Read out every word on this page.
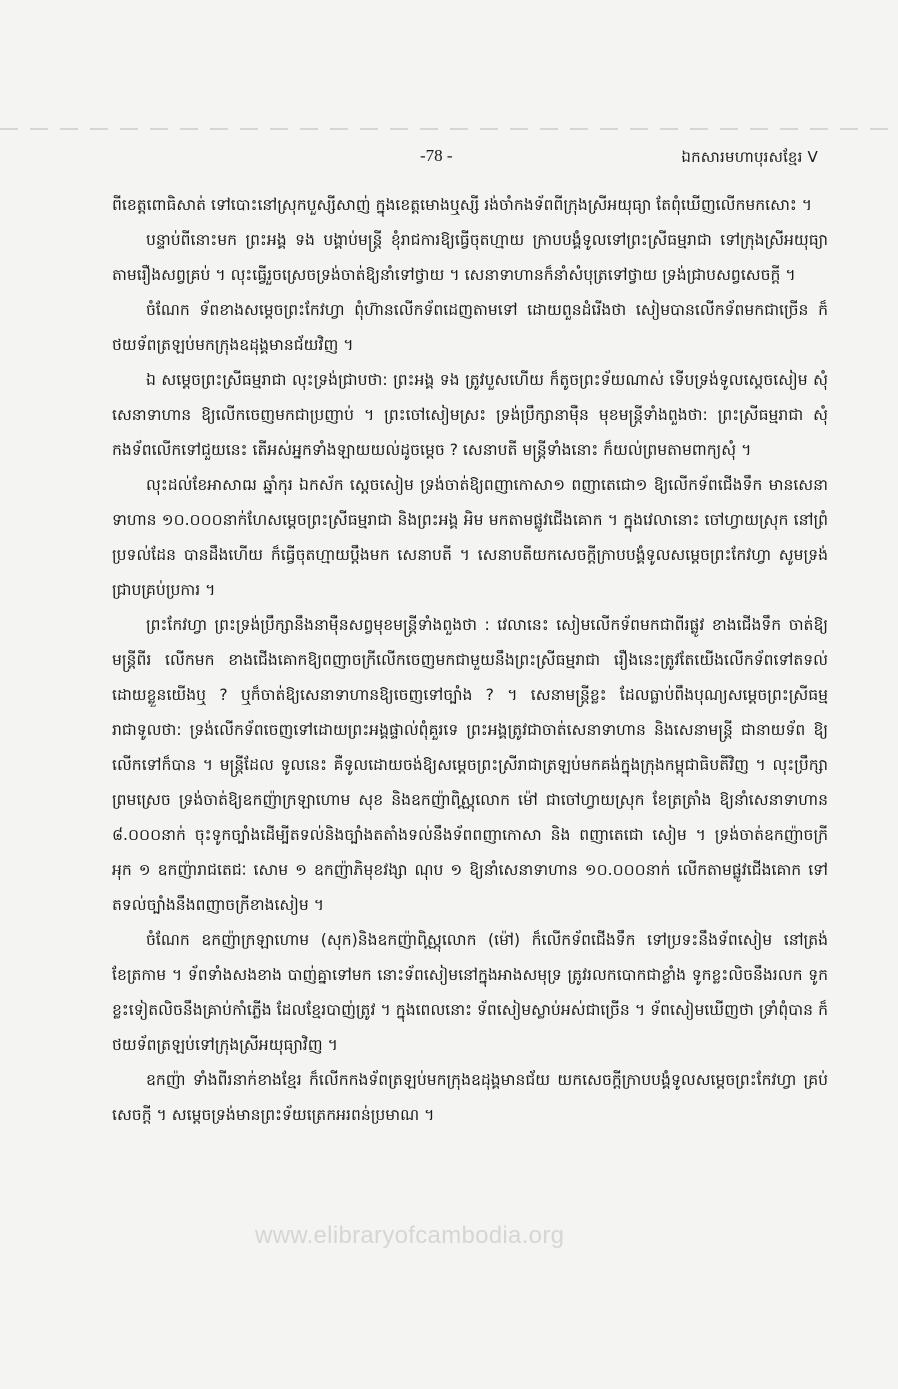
-78 -	ឯកសារមហាបុរសខ្មែរ V

ពីខេត្តពោធិសាត់ ទៅបោះនៅស្រុកបួស្សីសាញ់ ក្នុងខេត្តមោងឬស្សី រង់ចាំកងទ័ពពីក្រុងស្រីអយុធ្យា តែពុំឃើញលើកមកសោះ ។

បន្ទាប់ពីនោះមក ព្រះអង្គ ទង បង្គាប់មន្ត្រី ខុំរាជការឱ្យធ្វើចុតហ្មាយ ក្រាបបង្គំទូលទៅព្រះស្រីធម្មរាជា ទៅក្រុងស្រីអយុធ្យា តាមរឿងសព្វគ្រប់ ។ លុះធ្វើរួចស្រេចទ្រង់ចាត់ឱ្យនាំទៅថ្វាយ ។ សេនាទាហានក៏នាំសំបុត្រទៅថ្វាយ ទ្រង់ជ្រាបសព្វសេចក្តី ។

ចំណែក ទ័ពខាងសម្តេចព្រះកែវហ្វា ពុំហ៊ានលើកទ័ពដេញតាមទៅ ដោយពួនដំរើងថា សៀមបានលើកទ័ពមកជាច្រើន ក៏ថយទ័ពត្រឡប់មកក្រុងឧដុង្គមានជ័យវិញ ។

ឯ សម្តេចព្រះស្រីធម្មរាជា លុះទ្រង់ជ្រាបថា: ព្រះអង្គ ទង ត្រូវបួសហើយ ក៏តូចព្រះទ័យណាស់ ទើបទ្រង់ទូលស្តេចសៀម សុំសេនាទាហាន ឱ្យលើកចេញមកជាប្រញាប់ ។ ព្រះចៅសៀមស្រះ ទ្រង់ប្រឹក្សានាម៉ឺន មុខមន្ត្រីទាំងពួងថា: ព្រះស្រីធម្មរាជា សុំកងទ័ពលើកទៅជួយនេះ តើអស់អ្នកទាំងឡាយយល់ដូចម្តេច ? សេនាបតី មន្ត្រីទាំងនោះ ក៏យល់ព្រមតាមពាក្យសុំ ។

លុះដល់ខែអាសាឍ ឆ្នាំកុរ ឯកស័ក ស្តេចសៀម ទ្រង់ចាត់ឱ្យពញាកោសា១ ពញាតេជោ១ ឱ្យលើកទ័ពជើងទឹក មានសេនាទាហាន ១០.០០០នាក់ហែសម្តេចព្រះស្រីធម្មរាជា និងព្រះអង្គ អិម មកតាមផ្លូវជើងគោក ។ ក្នុងវេលានោះ ចៅហ្វាយស្រុក នៅព្រំប្រទល់ដែន បានដឹងហើយ ក៏ធ្វើចុតហ្មាយប្តឹងមក សេនាបតី ។ សេនាបតីយកសេចក្តីក្រាបបង្គំទូលសម្តេចព្រះកែវហ្វា សូមទ្រង់ជ្រាបគ្រប់ប្រការ ។

ព្រះកែវហ្វា ព្រះទ្រង់ប្រឹក្សានឹងនាម៉ឺនសព្វមុខមន្ត្រីទាំងពួងថា : វេលានេះ សៀមលើកទ័ពមកជាពីរផ្លូវ ខាងជើងទឹក ចាត់ឱ្យមន្ត្រីពីរ លើកមក ខាងជើងគោកឱ្យពញាចក្រីលើកចេញមកជាមួយនឹងព្រះស្រីធម្មរាជា រឿងនេះត្រូវតែយើងលើកទ័ពទៅតទល់ដោយខ្លួនយើងឬ ? ឬក៏ចាត់ឱ្យសេនាទាហានឱ្យចេញទៅច្បាំង ? ។ សេនាមន្ត្រីខ្លះ ដែលធ្លាប់ពឹងបុណ្យសម្តេចព្រះស្រីធម្មរាជាទូលថា: ទ្រង់លើកទ័ពចេញទៅដោយព្រះអង្គផ្ទាល់ពុំគួរទេ ព្រះអង្គត្រូវជាចាត់សេនាទាហាន និងសេនាមន្ត្រី ជានាយទ័ព ឱ្យលើកទៅក៏បាន ។ មន្ត្រីដែល ទូលនេះ គឺទូលដោយចង់ឱ្យសម្តេចព្រះស្រីរាជាត្រឡប់មកគង់ក្នុងក្រុងកម្ពុជាធិបតីវិញ ។ លុះប្រឹក្សាព្រមស្រេច ទ្រង់ចាត់ឱ្យឧកញ៉ាក្រឡាហោម សុខ និងឧកញ៉ាពិស្ណុលោក ម៉ៅ ជាចៅហ្វាយស្រុក ខែត្រត្រាំង ឱ្យនាំសេនាទាហាន ៨.០០០នាក់ ចុះទូកច្បាំងដើម្បីតទល់និងច្បាំងតតាំងទល់នឹងទ័ពពញាកោសា និង ពញាតេជោ សៀម ។ ទ្រង់ចាត់ឧកញ៉ាចក្រី អុក ១ ឧកញ៉ារាជតេជៈ សោម ១ ឧកញ៉ាភិមុខវង្សា ណុប ១ ឱ្យនាំសេនាទាហាន ១០.០០០នាក់ លើកតាមផ្លូវជើងគោក ទៅតទល់ច្បាំងនឹងពញាចក្រីខាងសៀម ។

ចំណែក ឧកញ៉ាក្រឡាហោម (សុក)និងឧកញ៉ាពិស្ណុលោក (ម៉ៅ) ក៏លើកទ័ពជើងទឹក ទៅប្រទះនឹងទ័ពសៀម នៅត្រង់ខែត្រកាម ។ ទ័ពទាំងសងខាង បាញ់គ្នាទៅមក នោះទ័ពសៀមនៅក្នុងអាងសមុទ្រ ត្រូវរលកបោកជាខ្លាំង ទូកខ្លះលិចនឹងរលក ទូកខ្លះទៀតលិចនឹងគ្រាប់កាំភ្លើង ដែលខ្មែរបាញ់ត្រូវ ។ ក្នុងពេលនោះ ទ័ពសៀមស្លាប់អស់ជាច្រើន ។ ទ័ពសៀមឃើញថា ទ្រាំពុំបាន ក៏ថយទ័ពត្រឡប់ទៅក្រុងស្រីអយុធ្យាវិញ ។

ឧកញ៉ា ទាំងពីរនាក់ខាងខ្មែរ ក៏លើកកងទ័ពត្រឡប់មកក្រុងឧដុង្គមានជ័យ យកសេចក្តីក្រាបបង្គំទូលសម្តេចព្រះកែវហ្វា គ្រប់សេចក្តី ។ សម្តេចទ្រង់មានព្រះទ័យត្រេកអរពន់ប្រមាណ ។

www.elibraryofcambodia.org
